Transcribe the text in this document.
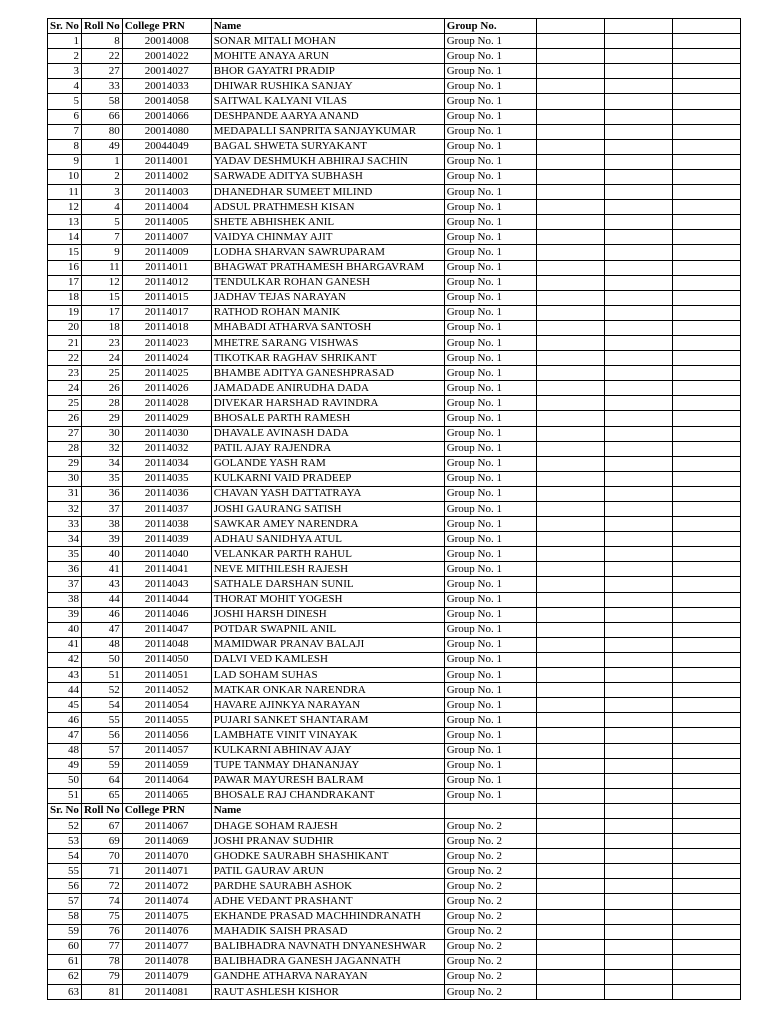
Sr. No	Roll No	College PRN	Name	Group No.			
1	8	20014008	SONAR MITALI MOHAN	Group No. 1			
2	22	20014022	MOHITE ANAYA ARUN	Group No. 1			
3	27	20014027	BHOR GAYATRI PRADIP	Group No. 1			
4	33	20014033	DHIWAR RUSHIKA SANJAY	Group No. 1			
5	58	20014058	SAITWAL KALYANI VILAS	Group No. 1			
6	66	20014066	DESHPANDE AARYA ANAND	Group No. 1			
7	80	20014080	MEDAPALLI SANPRITA SANJAYKUMAR	Group No. 1			
8	49	20044049	BAGAL SHWETA SURYAKANT	Group No. 1			
9	1	20114001	YADAV DESHMUKH ABHIRAJ SACHIN	Group No. 1			
10	2	20114002	SARWADE ADITYA SUBHASH	Group No. 1			
11	3	20114003	DHANEDHAR SUMEET MILIND	Group No. 1			
12	4	20114004	ADSUL PRATHMESH KISAN	Group No. 1			
13	5	20114005	SHETE ABHISHEK ANIL	Group No. 1			
14	7	20114007	VAIDYA CHINMAY AJIT	Group No. 1			
15	9	20114009	LODHA SHARVAN SAWRUPARAM	Group No. 1			
16	11	20114011	BHAGWAT PRATHAMESH BHARGAVRAM	Group No. 1			
17	12	20114012	TENDULKAR ROHAN GANESH	Group No. 1			
18	15	20114015	JADHAV TEJAS NARAYAN	Group No. 1			
19	17	20114017	RATHOD ROHAN MANIK	Group No. 1			
20	18	20114018	MHABADI ATHARVA SANTOSH	Group No. 1			
21	23	20114023	MHETRE SARANG VISHWAS	Group No. 1			
22	24	20114024	TIKOTKAR RAGHAV SHRIKANT	Group No. 1			
23	25	20114025	BHAMBE ADITYA GANESHPRASAD	Group No. 1			
24	26	20114026	JAMADADE ANIRUDHA DADA	Group No. 1			
25	28	20114028	DIVEKAR HARSHAD RAVINDRA	Group No. 1			
26	29	20114029	BHOSALE PARTH RAMESH	Group No. 1			
27	30	20114030	DHAVALE AVINASH DADA	Group No. 1			
28	32	20114032	PATIL AJAY RAJENDRA	Group No. 1			
29	34	20114034	GOLANDE YASH RAM	Group No. 1			
30	35	20114035	KULKARNI VAID PRADEEP	Group No. 1			
31	36	20114036	CHAVAN YASH DATTATRAYA	Group No. 1			
32	37	20114037	JOSHI GAURANG SATISH	Group No. 1			
33	38	20114038	SAWKAR AMEY NARENDRA	Group No. 1			
34	39	20114039	ADHAU SANIDHYA ATUL	Group No. 1			
35	40	20114040	VELANKAR PARTH RAHUL	Group No. 1			
36	41	20114041	NEVE MITHILESH RAJESH	Group No. 1			
37	43	20114043	SATHALE DARSHAN SUNIL	Group No. 1			
38	44	20114044	THORAT MOHIT YOGESH	Group No. 1			
39	46	20114046	JOSHI HARSH DINESH	Group No. 1			
40	47	20114047	POTDAR SWAPNIL ANIL	Group No. 1			
41	48	20114048	MAMIDWAR PRANAV BALAJI	Group No. 1			
42	50	20114050	DALVI VED KAMLESH	Group No. 1			
43	51	20114051	LAD SOHAM SUHAS	Group No. 1			
44	52	20114052	MATKAR ONKAR NARENDRA	Group No. 1			
45	54	20114054	HAVARE AJINKYA NARAYAN	Group No. 1			
46	55	20114055	PUJARI SANKET SHANTARAM	Group No. 1			
47	56	20114056	LAMBHATE VINIT VINAYAK	Group No. 1			
48	57	20114057	KULKARNI ABHINAV AJAY	Group No. 1			
49	59	20114059	TUPE TANMAY DHANANJAY	Group No. 1			
50	64	20114064	PAWAR MAYURESH BALRAM	Group No. 1			
51	65	20114065	BHOSALE RAJ CHANDRAKANT	Group No. 1			
Sr. No	Roll No	College PRN	Name				
52	67	20114067	DHAGE SOHAM RAJESH	Group No. 2			
53	69	20114069	JOSHI PRANAV SUDHIR	Group No. 2			
54	70	20114070	GHODKE SAURABH SHASHIKANT	Group No. 2			
55	71	20114071	PATIL GAURAV ARUN	Group No. 2			
56	72	20114072	PARDHE SAURABH ASHOK	Group No. 2			
57	74	20114074	ADHE VEDANT PRASHANT	Group No. 2			
58	75	20114075	EKHANDE PRASAD MACHHINDRANATH	Group No. 2			
59	76	20114076	MAHADIK SAISH PRASAD	Group No. 2			
60	77	20114077	BALIBHADRA NAVNATH DNYANESHWAR	Group No. 2			
61	78	20114078	BALIBHADRA GANESH JAGANNATH	Group No. 2			
62	79	20114079	GANDHE ATHARVA NARAYAN	Group No. 2			
63	81	20114081	RAUT ASHLESH KISHOR	Group No. 2			
